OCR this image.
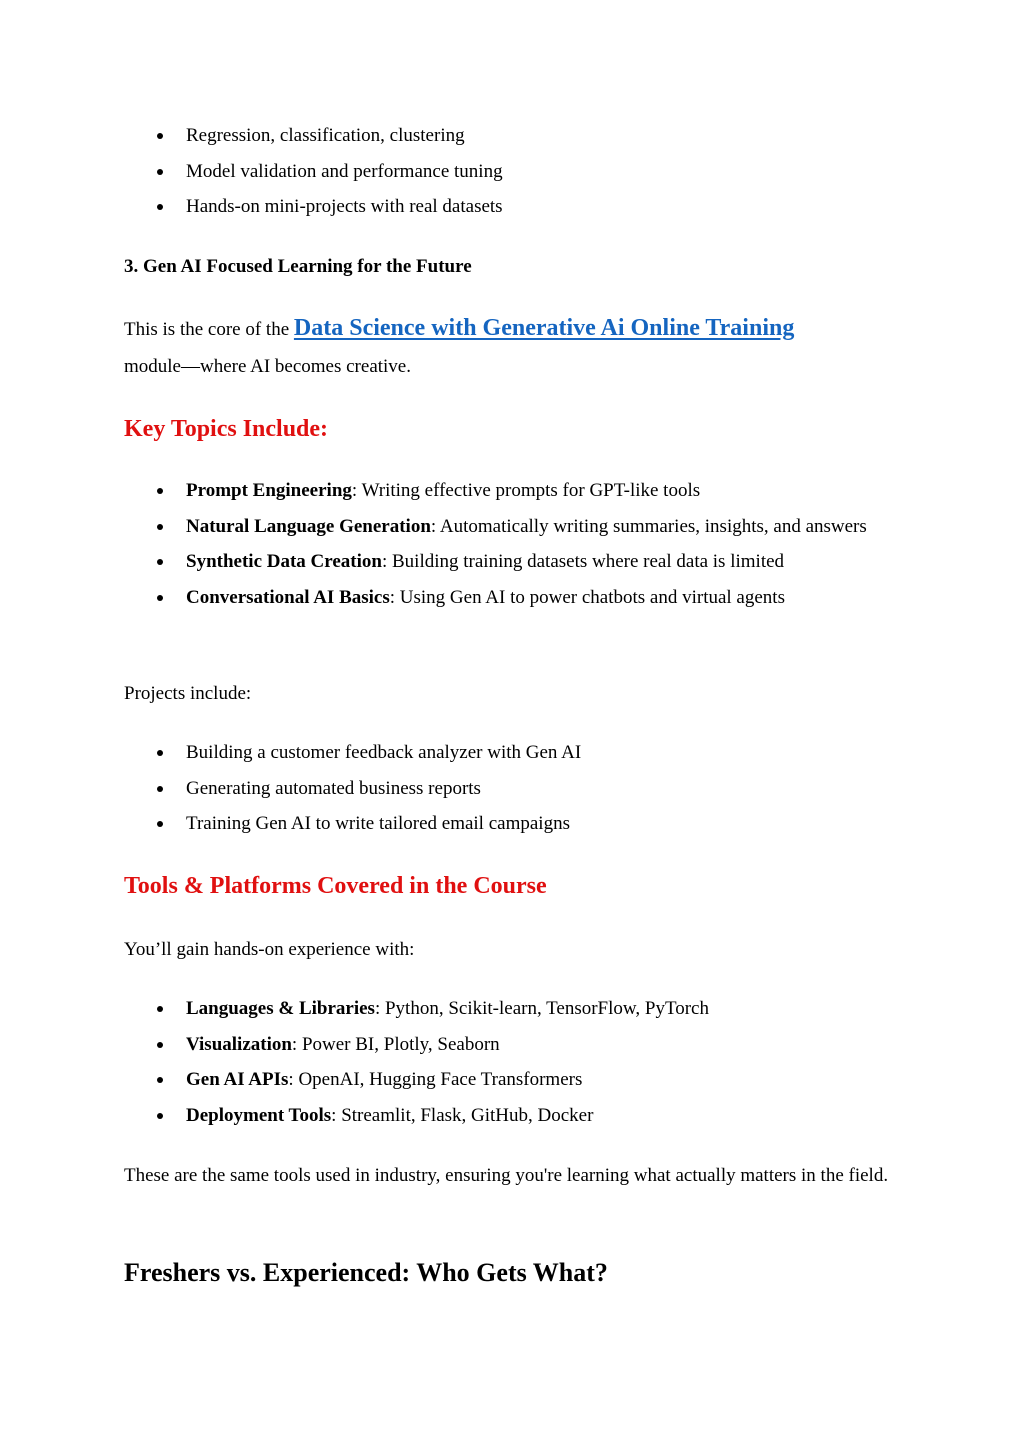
Regression, classification, clustering
Model validation and performance tuning
Hands-on mini-projects with real datasets
3. Gen AI Focused Learning for the Future
This is the core of the Data Science with Generative Ai Online Training
module—where AI becomes creative.
Key Topics Include:
Prompt Engineering: Writing effective prompts for GPT-like tools
Natural Language Generation: Automatically writing summaries, insights, and answers
Synthetic Data Creation: Building training datasets where real data is limited
Conversational AI Basics: Using Gen AI to power chatbots and virtual agents
Projects include:
Building a customer feedback analyzer with Gen AI
Generating automated business reports
Training Gen AI to write tailored email campaigns
Tools & Platforms Covered in the Course
You’ll gain hands-on experience with:
Languages & Libraries: Python, Scikit-learn, TensorFlow, PyTorch
Visualization: Power BI, Plotly, Seaborn
Gen AI APIs: OpenAI, Hugging Face Transformers
Deployment Tools: Streamlit, Flask, GitHub, Docker
These are the same tools used in industry, ensuring you're learning what actually matters in the field.
Freshers vs. Experienced: Who Gets What?
